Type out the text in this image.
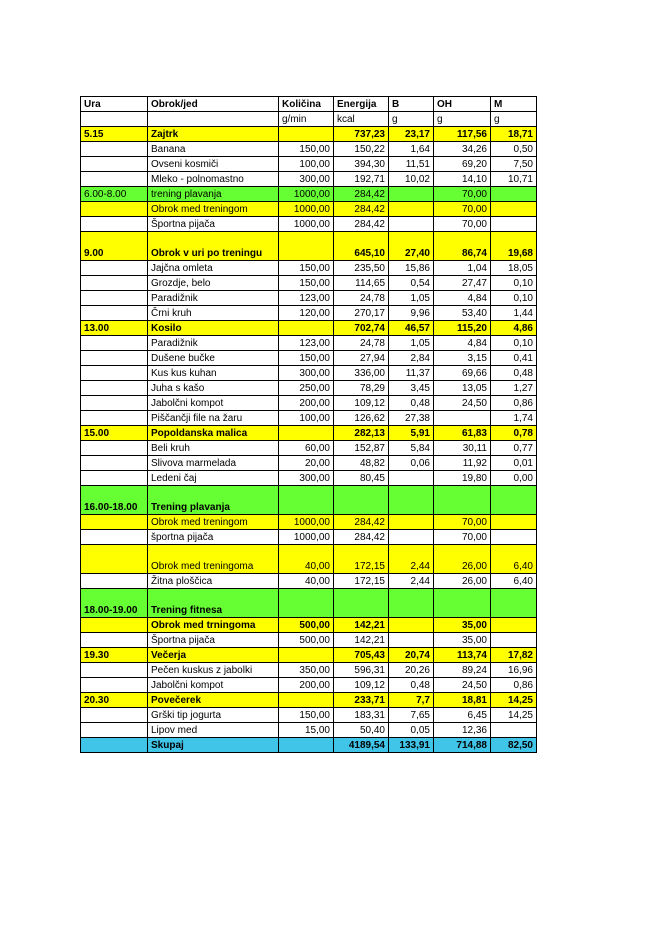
Ura	Obrok/jed	Količina	Energija	B	OH	M
		g/min	kcal	g	g	g
5.15	Zajtrk		737,23	23,17	117,56	18,71
	Banana	150,00	150,22	1,64	34,26	0,50
	Ovseni kosmiči	100,00	394,30	11,51	69,20	7,50
	Mleko - polnomastno	300,00	192,71	10,02	14,10	10,71
6.00-8.00	trening plavanja	1000,00	284,42		70,00	
	Obrok med treningom	1000,00	284,42		70,00	
	Športna pijača	1000,00	284,42		70,00	
9.00	Obrok v uri po treningu		645,10	27,40	86,74	19,68
	Jajčna omleta	150,00	235,50	15,86	1,04	18,05
	Grozdje, belo	150,00	114,65	0,54	27,47	0,10
	Paradižnik	123,00	24,78	1,05	4,84	0,10
	Črni kruh	120,00	270,17	9,96	53,40	1,44
13.00	Kosilo		702,74	46,57	115,20	4,86
	Paradižnik	123,00	24,78	1,05	4,84	0,10
	Dušene bučke	150,00	27,94	2,84	3,15	0,41
	Kus kus kuhan	300,00	336,00	11,37	69,66	0,48
	Juha s kašo	250,00	78,29	3,45	13,05	1,27
	Jabolčni kompot	200,00	109,12	0,48	24,50	0,86
	Piščančji file na žaru	100,00	126,62	27,38		1,74
15.00	Popoldanska malica		282,13	5,91	61,83	0,78
	Beli kruh	60,00	152,87	5,84	30,11	0,77
	Slivova marmelada	20,00	48,82	0,06	11,92	0,01
	Ledeni čaj	300,00	80,45		19,80	0,00
16.00-18.00	Trening plavanja					
	Obrok med treningom	1000,00	284,42		70,00	
	športna pijača	1000,00	284,42		70,00	
	Obrok med treningoma	40,00	172,15	2,44	26,00	6,40
	Žitna ploščica	40,00	172,15	2,44	26,00	6,40
18.00-19.00	Trening fitnesa					
	Obrok med trningoma	500,00	142,21		35,00	
	Športna pijača	500,00	142,21		35,00	
19.30	Večerja		705,43	20,74	113,74	17,82
	Pečen kuskus z jabolki	350,00	596,31	20,26	89,24	16,96
	Jabolčni kompot	200,00	109,12	0,48	24,50	0,86
20.30	Povečerek		233,71	7,7	18,81	14,25
	Grški tip jogurta	150,00	183,31	7,65	6,45	14,25
	Lipov med	15,00	50,40	0,05	12,36	
	Skupaj		4189,54	133,91	714,88	82,50
